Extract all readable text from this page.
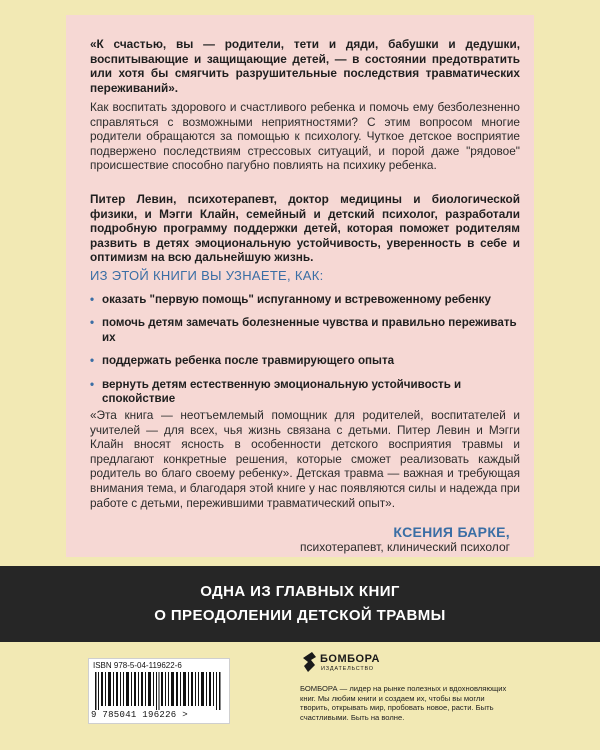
«К счастью, вы — родители, тети и дяди, бабушки и дедушки, воспитывающие и защищающие детей, — в состоянии предотвратить или хотя бы смягчить разрушительные последствия травматических переживаний».
Как воспитать здорового и счастливого ребенка и помочь ему безболезненно справляться с возможными неприятностями? С этим вопросом многие родители обращаются за помощью к психологу. Чуткое детское восприятие подвержено последствиям стрессовых ситуаций, и порой даже "рядовое" происшествие способно пагубно повлиять на психику ребенка.
Питер Левин, психотерапевт, доктор медицины и биологической физики, и Мэгги Клайн, семейный и детский психолог, разработали подробную программу поддержки детей, которая поможет родителям развить в детях эмоциональную устойчивость, уверенность в себе и оптимизм на всю дальнейшую жизнь.
ИЗ ЭТОЙ КНИГИ ВЫ УЗНАЕТЕ, КАК:
• оказать "первую помощь" испуганному и встревоженному ребенку
• помочь детям замечать болезненные чувства и правильно переживать их
• поддержать ребенка после травмирующего опыта
• вернуть детям естественную эмоциональную устойчивость и спокойствие
«Эта книга — неотъемлемый помощник для родителей, воспитателей и учителей — для всех, чья жизнь связана с детьми. Питер Левин и Мэгги Клайн вносят ясность в особенности детского восприятия травмы и предлагают конкретные решения, которые сможет реализовать каждый родитель во благо своему ребенку». Детская травма — важная и требующая внимания тема, и благодаря этой книге у нас появляются силы и надежда при работе с детьми, пережившими травматический опыт».
КСЕНИЯ БАРКЕ,
психотерапевт, клинический психолог
ОДНА ИЗ ГЛАВНЫХ КНИГ
О ПРЕОДОЛЕНИИ ДЕТСКОЙ ТРАВМЫ
ISBN 978-5-04-119622-6
9 785041 196226 >
БОМБОРА
ИЗДАТЕЛЬСТВО
БОМБОРА — лидер на рынке полезных и вдохновляющих книг. Мы любим книги и создаем их, чтобы вы могли творить, открывать мир, пробовать новое, расти. Быть счастливыми. Быть на волне.
